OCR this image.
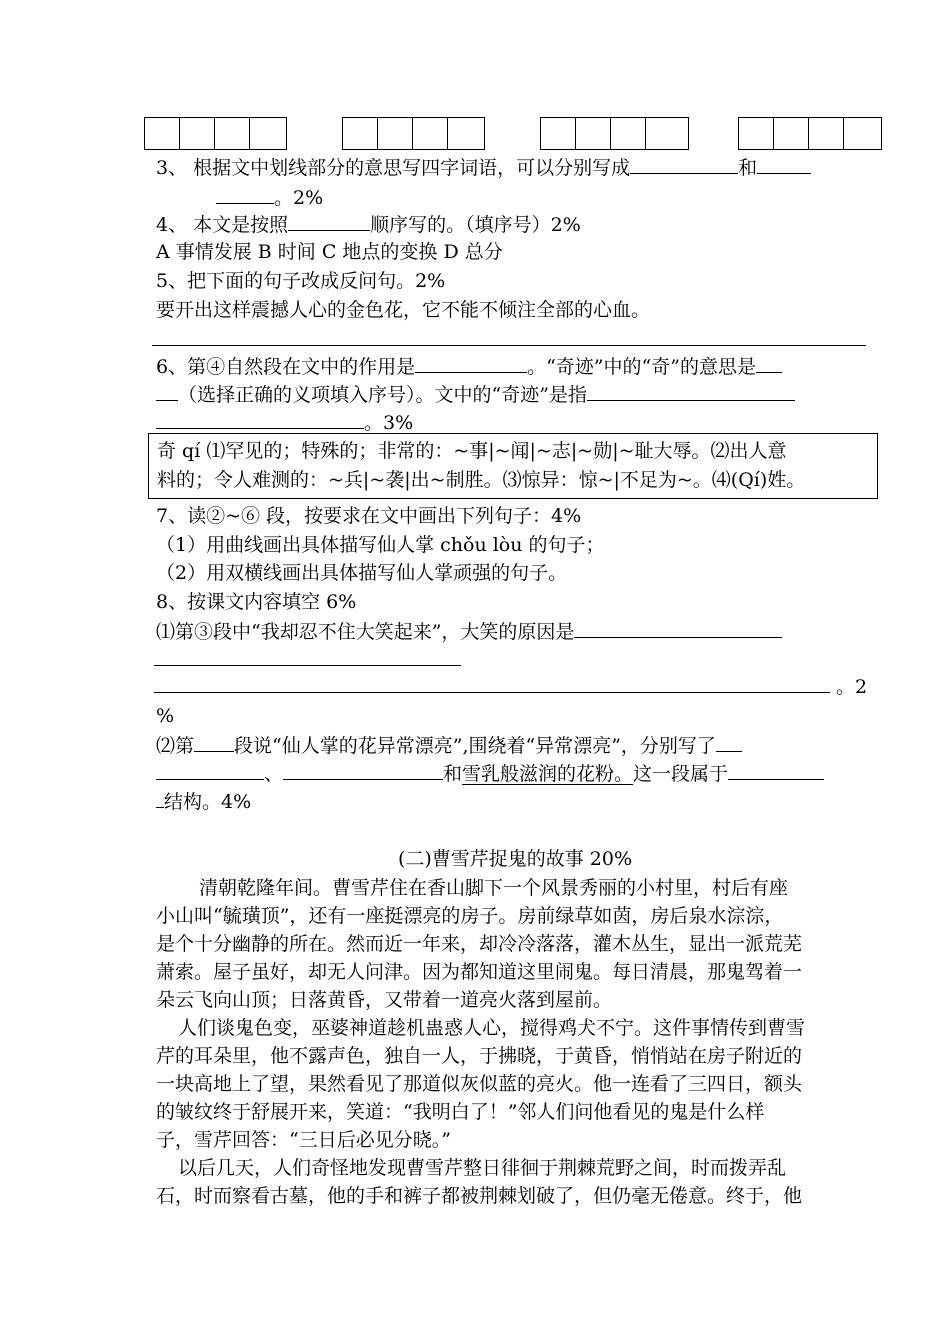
3、 根据文中划线部分的意思写四字词语，可以分别写成	和
。2%
4、 本文是按照	顺序写的。（填序号）2%
A 事情发展 B 时间 C 地点的变换 D 总分
5、把下面的句子改成反问句。2%
要开出这样震撼人心的金色花，它不能不倾注全部的心血。
6、第④自然段在文中的作用是	。“奇迹”中的“奇”的意思是
（选择正确的义项填入序号）。文中的“奇迹”是指
。3%
奇 qí ⑴罕见的；特殊的；非常的：~事|~闻|~志|~勋|~耻大辱。⑵出人意
料的；令人难测的：~兵|~袭|出~制胜。⑶惊异：惊~|不足为~。⑷(Qí)姓。
7、读②~⑥ 段，按要求在文中画出下列句子：4%
（1）用曲线画出具体描写仙人掌 chǒu lòu 的句子；
（2）用双横线画出具体描写仙人掌顽强的句子。
8、按课文内容填空 6%
⑴第③段中“我却忍不住大笑起来”，大笑的原因是
。2
%
⑵第 段说“仙人掌的花异常漂亮”,围绕着“异常漂亮”，分别写了
、	和雪乳般滋润的花粉。这一段属于
结构。4%
(二)曹雪芹捉鬼的故事 20%
清朝乾隆年间。曹雪芹住在香山脚下一个风景秀丽的小村里，村后有座
小山叫“毓璜顶”，还有一座挺漂亮的房子。房前绿草如茵，房后泉水淙淙，
是个十分幽静的所在。然而近一年来，却冷冷落落，灌木丛生，显出一派荒芜
萧索。屋子虽好，却无人问津。因为都知道这里闹鬼。每日清晨，那鬼驾着一
朵云飞向山顶；日落黄昏，又带着一道亮火落到屋前。
人们谈鬼色变，巫婆神道趁机蛊惑人心，搅得鸡犬不宁。这件事情传到曹雪
芹的耳朵里，他不露声色，独自一人，于拂晓，于黄昏，悄悄站在房子附近的
一块高地上了望，果然看见了那道似灰似蓝的亮火。他一连看了三四日，额头
的皱纹终于舒展开来，笑道：“我明白了！”邻人们问他看见的鬼是什么样
子，雪芹回答：“三日后必见分晓。”
以后几天，人们奇怪地发现曹雪芹整日徘徊于荆棘荒野之间，时而拨弄乱
石，时而察看古墓，他的手和裤子都被荆棘划破了，但仍毫无倦意。终于，他
